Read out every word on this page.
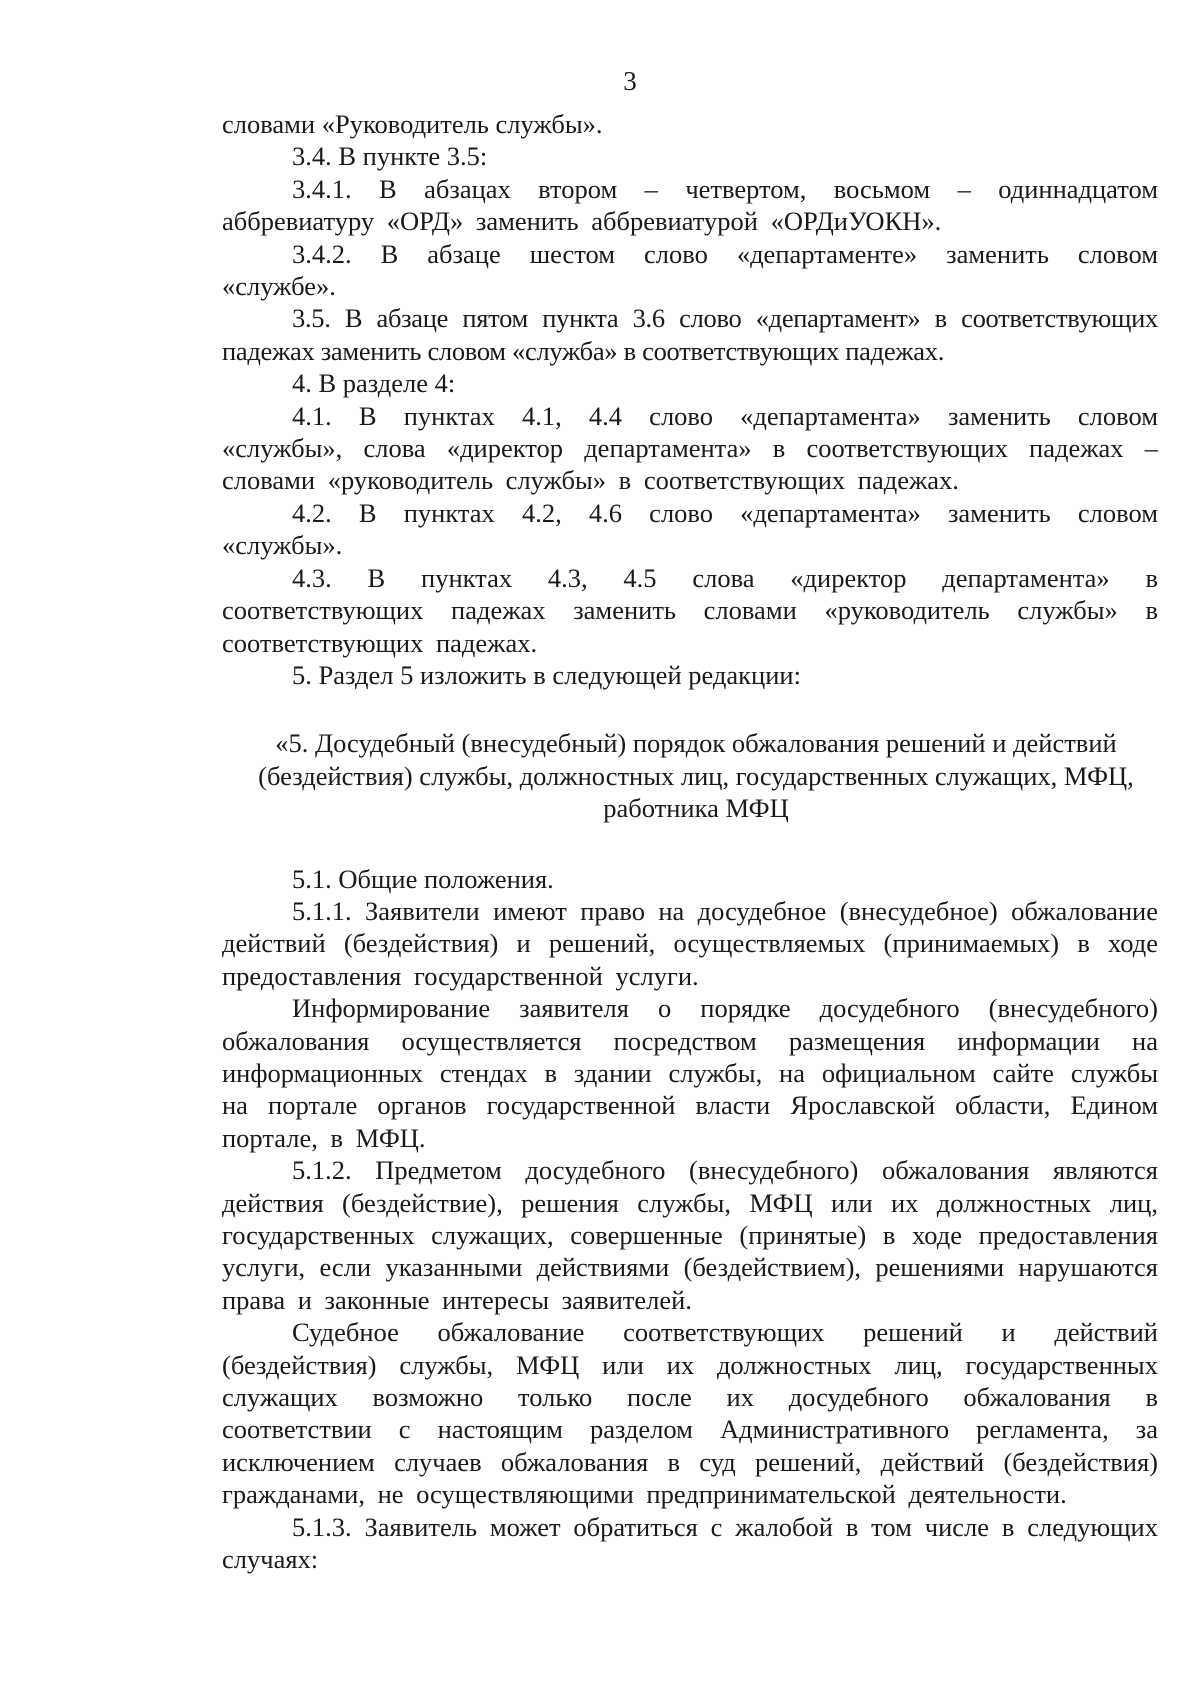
3

словами «Руководитель службы».

3.4. В пункте 3.5:

3.4.1. В абзацах втором – четвертом, восьмом – одиннадцатом аббревиатуру «ОРД» заменить аббревиатурой «ОРДиУОКН».

3.4.2. В абзаце шестом слово «департаменте» заменить словом «службе».

3.5. В абзаце пятом пункта 3.6 слово «департамент» в соответствующих падежах заменить словом «служба» в соответствующих падежах.

4. В разделе 4:

4.1. В пунктах 4.1, 4.4 слово «департамента» заменить словом «службы», слова «директор департамента» в соответствующих падежах – словами «руководитель службы» в соответствующих падежах.

4.2. В пунктах 4.2, 4.6 слово «департамента» заменить словом «службы».

4.3. В пунктах 4.3, 4.5 слова «директор департамента» в соответствующих падежах заменить словами «руководитель службы» в соответствующих падежах.

5. Раздел 5 изложить в следующей редакции:

«5. Досудебный (внесудебный) порядок обжалования решений и действий (бездействия) службы, должностных лиц, государственных служащих, МФЦ, работника МФЦ

5.1. Общие положения.

5.1.1. Заявители имеют право на досудебное (внесудебное) обжалование действий (бездействия) и решений, осуществляемых (принимаемых) в ходе предоставления государственной услуги.

Информирование заявителя о порядке досудебного (внесудебного) обжалования осуществляется посредством размещения информации на информационных стендах в здании службы, на официальном сайте службы на портале органов государственной власти Ярославской области, Едином портале, в МФЦ.

5.1.2. Предметом досудебного (внесудебного) обжалования являются действия (бездействие), решения службы, МФЦ или их должностных лиц, государственных служащих, совершенные (принятые) в ходе предоставления услуги, если указанными действиями (бездействием), решениями нарушаются права и законные интересы заявителей.

Судебное обжалование соответствующих решений и действий (бездействия) службы, МФЦ или их должностных лиц, государственных служащих возможно только после их досудебного обжалования в соответствии с настоящим разделом Административного регламента, за исключением случаев обжалования в суд решений, действий (бездействия) гражданами, не осуществляющими предпринимательской деятельности.

5.1.3. Заявитель может обратиться с жалобой в том числе в следующих случаях:
